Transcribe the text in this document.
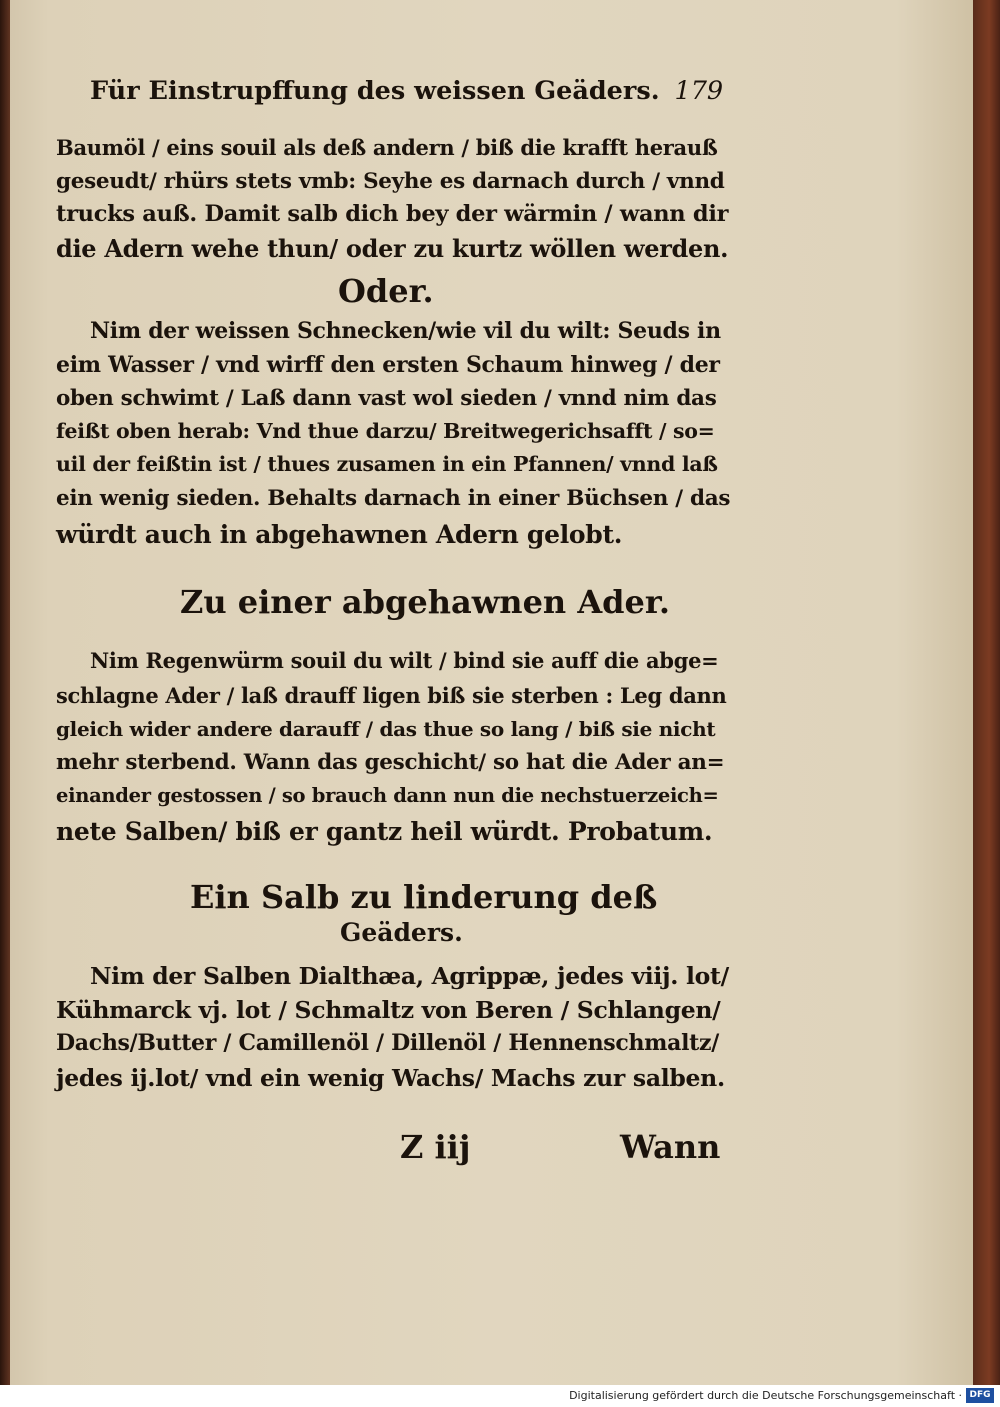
Für Einstrupffung des weissen Geäders. 179

Baumöl / eins souil als deß andern / biß die krafft herauß

geseudt/ rhürs stets vmb: Seyhe es darnach durch / vnnd

trucks auß. Damit salb dich bey der wärmin / wann dir

die Adern wehe thun/ oder zu kurtz wöllen werden.

Oder.

Nim der weissen Schnecken/wie vil du wilt: Seuds in

eim Wasser / vnd wirff den ersten Schaum hinweg / der

oben schwimt / Laß dann vast wol sieden / vnnd nim das

feißt oben herab: Vnd thue darzu/ Breitwegerichsafft / so=

uil der feißtin ist / thues zusamen in ein Pfannen/ vnnd laß

ein wenig sieden. Behalts darnach in einer Büchsen / das

würdt auch in abgehawnen Adern gelobt.

Zu einer abgehawnen Ader.

Nim Regenwürm souil du wilt / bind sie auff die abge=

schlagne Ader / laß drauff ligen biß sie sterben : Leg dann

gleich wider andere darauff / das thue so lang / biß sie nicht

mehr sterbend. Wann das geschicht/ so hat die Ader an=

einander gestossen / so brauch dann nun die nechstuerzeich=

nete Salben/ biß er gantz heil würdt. Probatum.

Ein Salb zu linderung deß

Geäders.

Nim der Salben Dialthæa, Agrippæ, jedes viij. lot/

Kühmarck vj. lot / Schmaltz von Beren / Schlangen/

Dachs/Butter / Camillenöl / Dillenöl / Hennenschmaltz/

jedes ij.lot/ vnd ein wenig Wachs/ Machs zur salben.

Z iij	Wann

Digitalisierung gefördert durch die Deutsche Forschungsgemeinschaft · DFG
